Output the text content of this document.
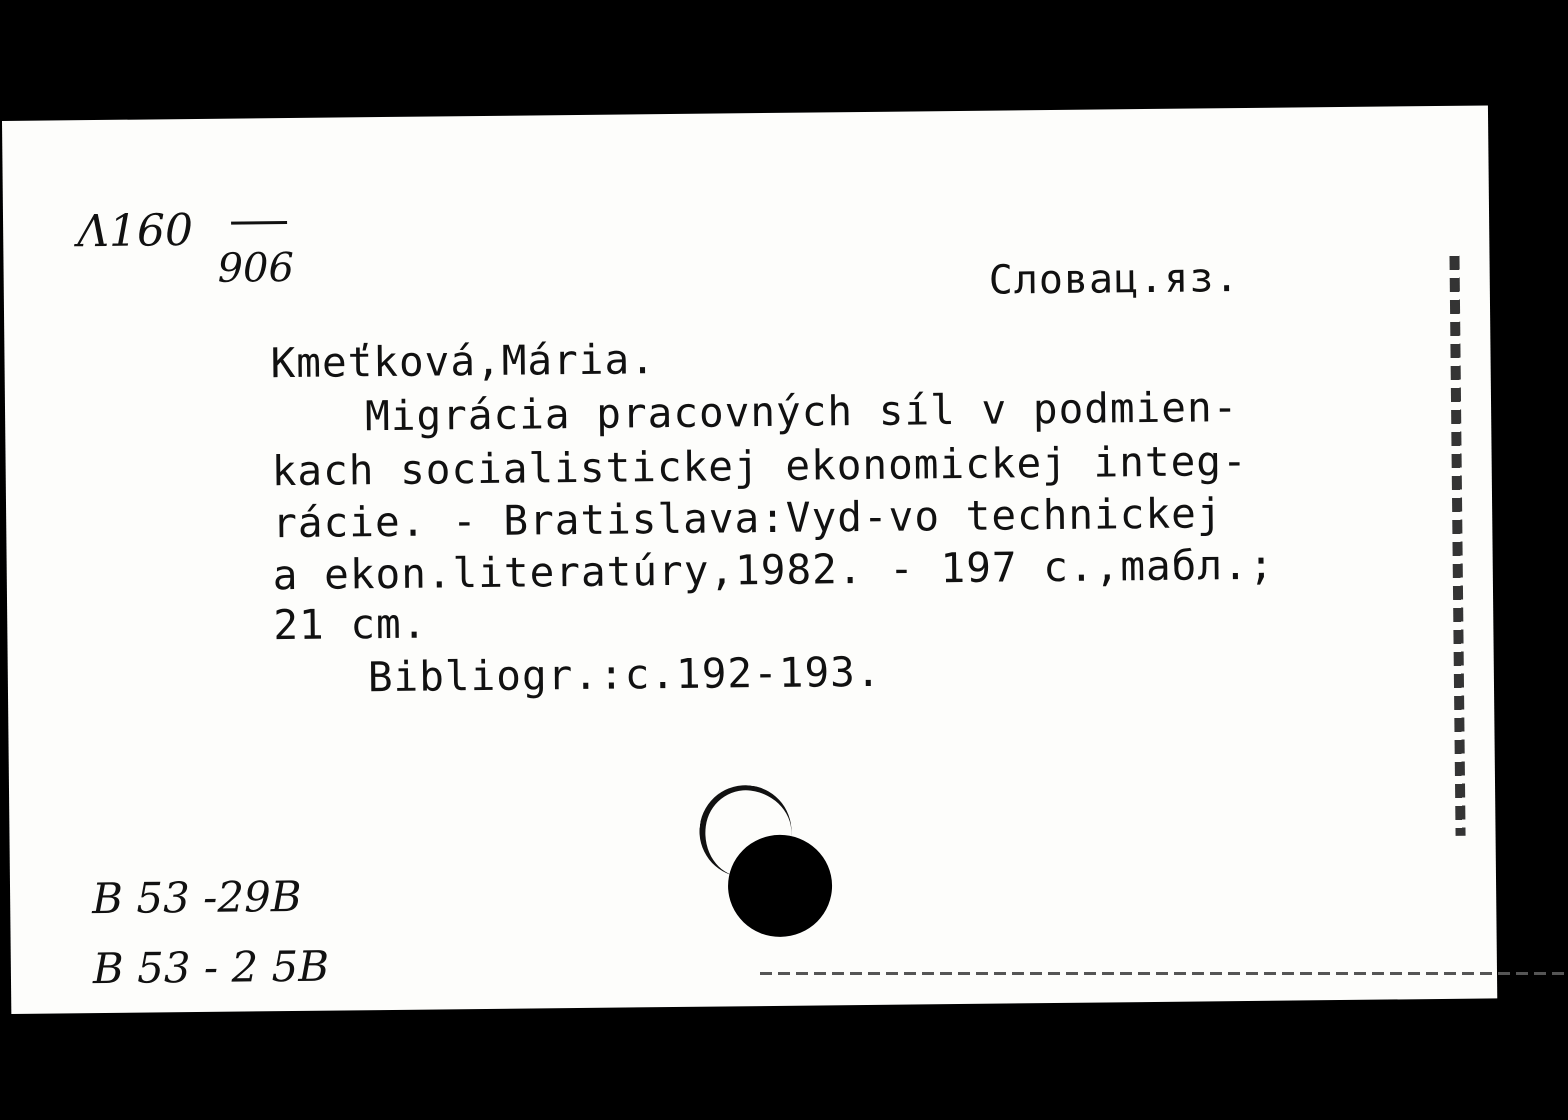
Λ160
906	Словац.яз.
Kmeťková,Mária.
Migrácia pracovných síl v podmien-
kach socialistickej ekonomickej integ-
rácie. - Bratislava:Vyd-vo technickej
a ekon.literatúry,1982. - 197 c.,maбл.;
21 cm.
Bibliogr.:c.192-193.
B 53 -29B
B 53 - 2 5B
